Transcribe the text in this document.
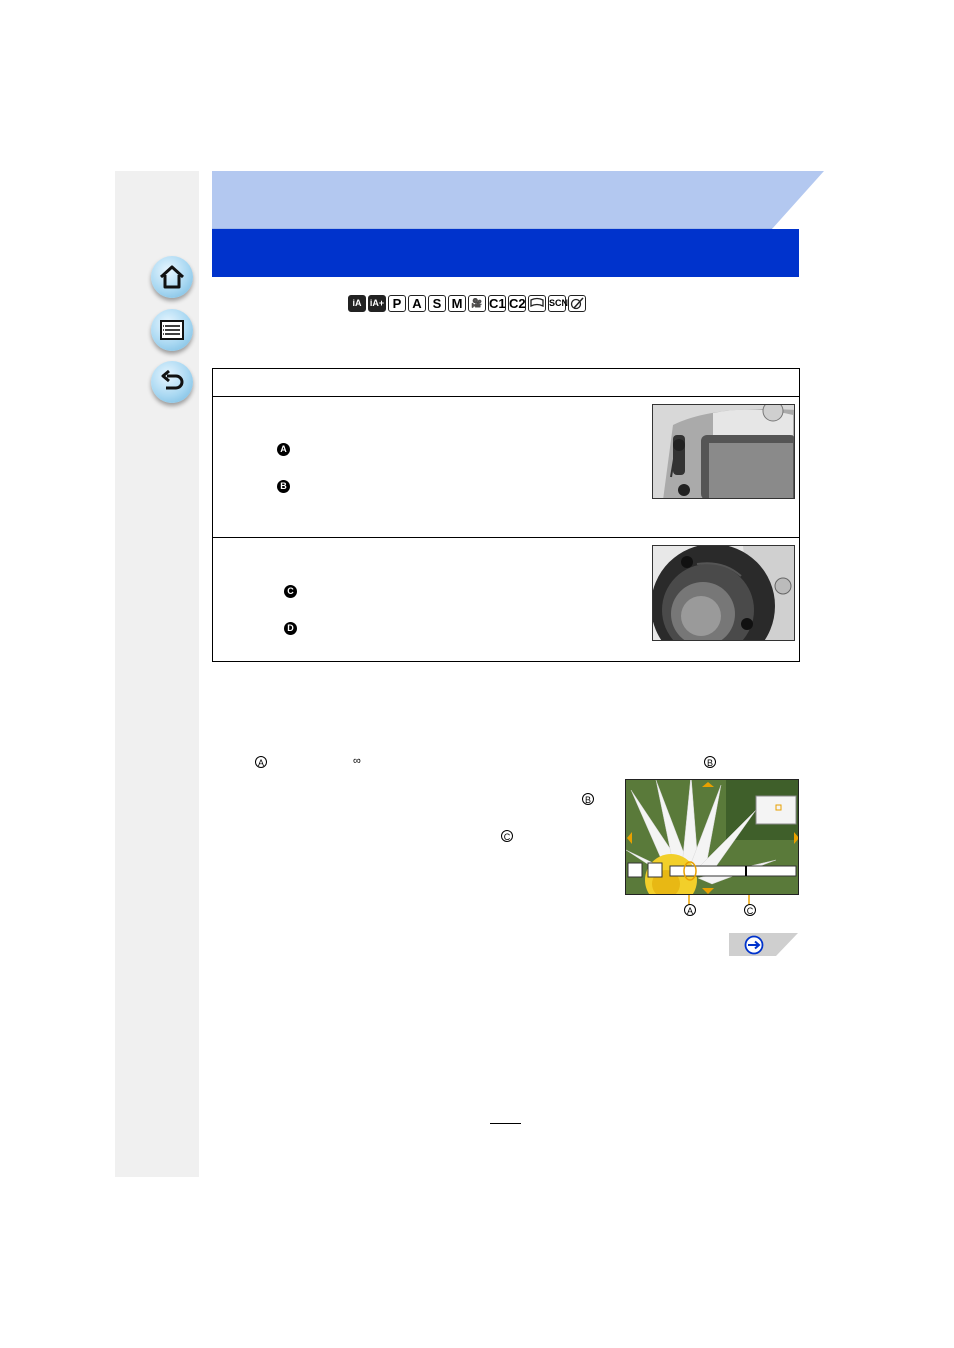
iA iA+ P A S M 🎥 C1 C2	SCN
A
B
C
D
A	∞	B
B
C
A	C
